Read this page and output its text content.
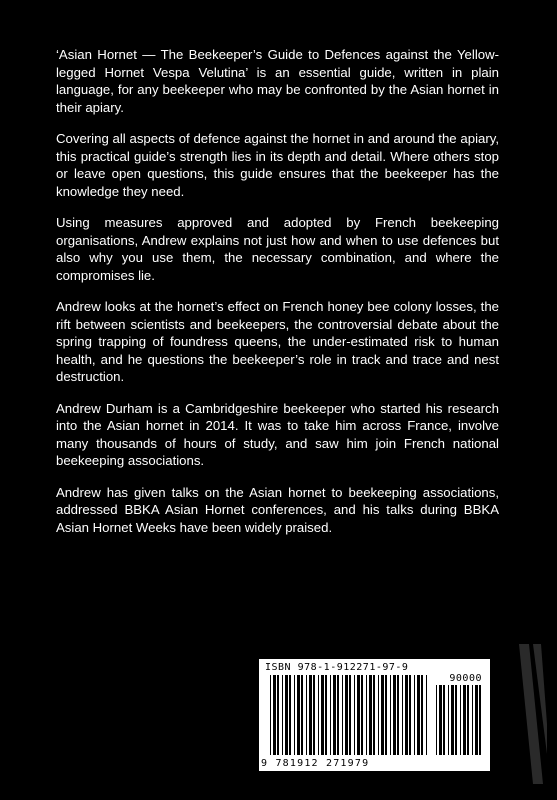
‘Asian Hornet — The Beekeeper’s Guide to Defences against the Yellow-legged Hornet Vespa Velutina’ is an essential guide, written in plain language, for any beekeeper who may be confronted by the Asian hornet in their apiary.

Covering all aspects of defence against the hornet in and around the apiary, this practical guide’s strength lies in its depth and detail. Where others stop or leave open questions, this guide ensures that the beekeeper has the knowledge they need.

Using measures approved and adopted by French beekeeping organisations, Andrew explains not just how and when to use defences but also why you use them, the necessary combination, and where the compromises lie.

Andrew looks at the hornet’s effect on French honey bee colony losses, the rift between scientists and beekeepers, the controversial debate about the spring trapping of foundress queens, the under-estimated risk to human health, and he questions the beekeeper’s role in track and trace and nest destruction.

Andrew Durham is a Cambridgeshire beekeeper who started his research into the Asian hornet in 2014. It was to take him across France, involve many thousands of hours of study, and saw him join French national beekeeping associations.

Andrew has given talks on the Asian hornet to beekeeping associations, addressed BBKA Asian Hornet conferences, and his talks during BBKA Asian Hornet Weeks have been widely praised.

ISBN 978-1-912271-97-9
90000
9 781912 271979
